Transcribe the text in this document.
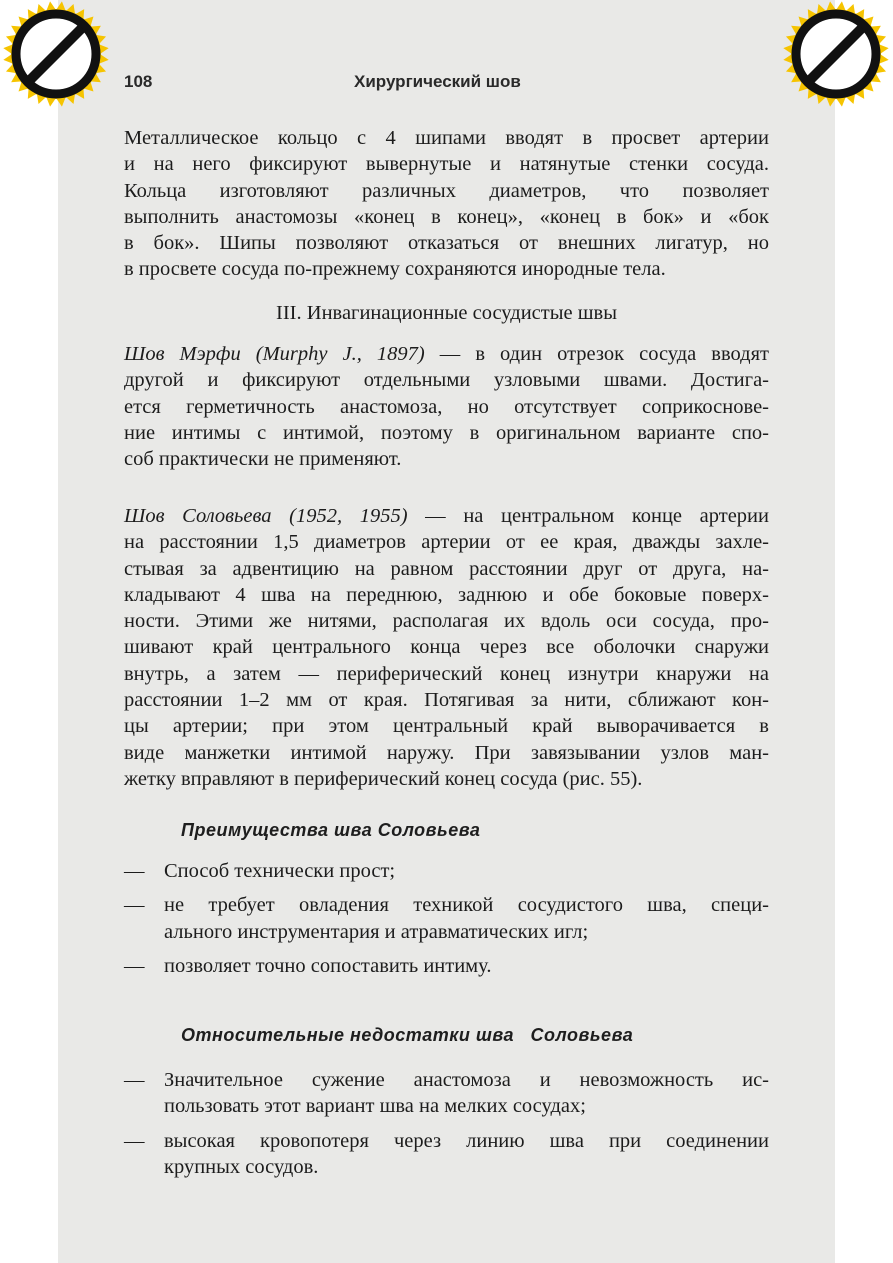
108	Хирургический шов
Металлическое кольцо с 4 шипами вводят в просвет артерии
и на него фиксируют вывернутые и натянутые стенки сосуда.
Кольца изготовляют различных диаметров, что позволяет
выполнить анастомозы «конец в конец», «конец в бок» и «бок
в бок». Шипы позволяют отказаться от внешних лигатур, но
в просвете сосуда по-прежнему сохраняются инородные тела.
III. Инвагинационные сосудистые швы
Шов Мэрфи (Murphy J., 1897) — в один отрезок сосуда вводят
другой и фиксируют отдельными узловыми швами. Достига-
ется герметичность анастомоза, но отсутствует соприкоснове-
ние интимы с интимой, поэтому в оригинальном варианте спо-
соб практически не применяют.
Шов Соловьева (1952, 1955) — на центральном конце артерии
на расстоянии 1,5 диаметров артерии от ее края, дважды захле-
стывая за адвентицию на равном расстоянии друг от друга, на-
кладывают 4 шва на переднюю, заднюю и обе боковые поверх-
ности. Этими же нитями, располагая их вдоль оси сосуда, про-
шивают край центрального конца через все оболочки снаружи
внутрь, а затем — периферический конец изнутри кнаружи на
расстоянии 1–2 мм от края. Потягивая за нити, сближают кон-
цы артерии; при этом центральный край выворачивается в
виде манжетки интимой наружу. При завязывании узлов ман-
жетку вправляют в периферический конец сосуда (рис. 55).
Преимущества шва Соловьева
— Способ технически прост;
— не требует овладения техникой сосудистого шва, специ-
ального инструментария и атравматических игл;
— позволяет точно сопоставить интиму.
Относительные недостатки шва   Соловьева
— Значительное сужение анастомоза и невозможность ис-
пользовать этот вариант шва на мелких сосудах;
— высокая кровопотеря через линию шва при соединении
крупных сосудов.
